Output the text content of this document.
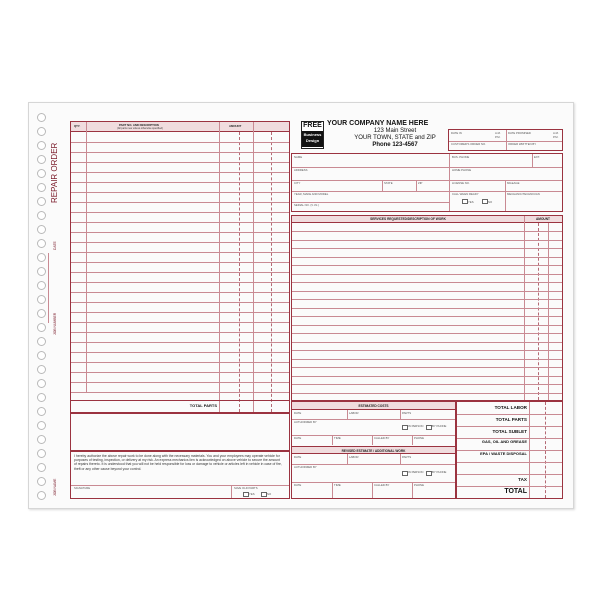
REPAIR ORDER
DATE
JOB NUMBER
JOB NAME
QTY.	PART NO. AND DESCRIPTION
(All parts new unless otherwise specified)
AMOUNT
TOTAL PARTS
I hereby authorize the above repair work to be done along with the necessary materials. You and your employees may operate vehicle for purposes of testing, inspection, or delivery at my risk. An express mechanics lien is acknowledged on above vehicle to secure the amount of repairs thereto. It is understood that you will not be held responsible for loss or damage to vehicle or articles left in vehicle in case of fire, theft or any other cause beyond your control.
SIGNATURE	SAVE OLD PARTS
YES	NO
FREE
Business
Design
YOUR COMPANY NAME HERE
123 Main Street
YOUR TOWN, STATE and ZIP
Phone 123-4567
DATE IN	A.M.
P.M.
DATE PROMISED	A.M.
P.M.
CUSTOMER'S ORDER NO.	ORDER WRITTEN BY
NAME
ADDRESS
CITY	STATE	ZIP
YEAR, MAKE AND MODEL
SERIAL NO. (V.I.N.)
BUS. PHONE	EXT.
HOME PHONE
LICENSE NO.	MILEAGE
CALL WHEN READY
YES	NO
MECHANIC/TECHNICIAN
SERVICES REQUESTED/DESCRIPTION OF WORK	AMOUNT
ESTIMATED COSTS
DATE	LABOR	PARTS
AUTHORIZED BY
IN PERSON	BY PHONE
DATE	TIME	CALLED BY	PHONE
REVISED ESTIMATE / ADDITIONAL WORK
DATE	LABOR	PARTS
AUTHORIZED BY
IN PERSON	BY PHONE
DATE	TIME	CALLED BY	PHONE
TOTAL LABOR
TOTAL PARTS
TOTAL SUBLET
GAS, OIL AND GREASE
EPA / WASTE DISPOSAL
TAX
TOTAL
